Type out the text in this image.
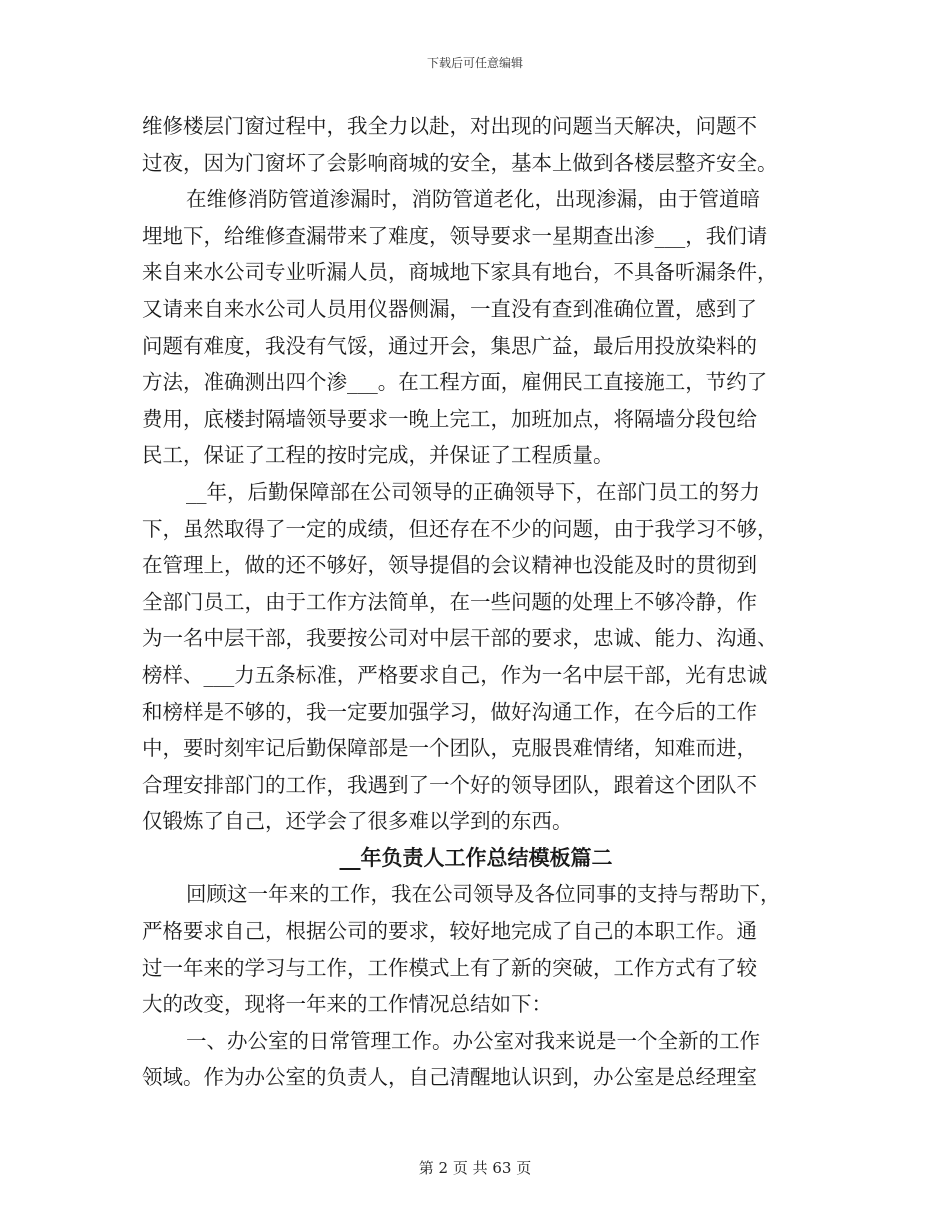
下载后可任意编辑
维修楼层门窗过程中，我全力以赴，对出现的问题当天解决，问题不
过夜，因为门窗坏了会影响商城的安全，基本上做到各楼层整齐安全。
在维修消防管道渗漏时，消防管道老化，出现渗漏，由于管道暗
埋地下，给维修查漏带来了难度，领导要求一星期查出渗___，我们请
来自来水公司专业听漏人员，商城地下家具有地台，不具备听漏条件，
又请来自来水公司人员用仪器侧漏，一直没有查到准确位置，感到了
问题有难度，我没有气馁，通过开会，集思广益，最后用投放染料的
方法，准确测出四个渗___。在工程方面，雇佣民工直接施工，节约了
费用，底楼封隔墙领导要求一晚上完工，加班加点，将隔墙分段包给
民工，保证了工程的按时完成，并保证了工程质量。
__年，后勤保障部在公司领导的正确领导下，在部门员工的努力
下，虽然取得了一定的成绩，但还存在不少的问题，由于我学习不够，
在管理上，做的还不够好，领导提倡的会议精神也没能及时的贯彻到
全部门员工，由于工作方法简单，在一些问题的处理上不够冷静，作
为一名中层干部，我要按公司对中层干部的要求，忠诚、能力、沟通、
榜样、___力五条标准，严格要求自己，作为一名中层干部，光有忠诚
和榜样是不够的，我一定要加强学习，做好沟通工作，在今后的工作
中，要时刻牢记后勤保障部是一个团队，克服畏难情绪，知难而进，
合理安排部门的工作，我遇到了一个好的领导团队，跟着这个团队不
仅锻炼了自己，还学会了很多难以学到的东西。
__年负责人工作总结模板篇二
回顾这一年来的工作，我在公司领导及各位同事的支持与帮助下，
严格要求自己，根据公司的要求，较好地完成了自己的本职工作。通
过一年来的学习与工作，工作模式上有了新的突破，工作方式有了较
大的改变，现将一年来的工作情况总结如下：
一、办公室的日常管理工作。办公室对我来说是一个全新的工作
领域。作为办公室的负责人，自己清醒地认识到，办公室是总经理室
第 2 页 共 63 页
